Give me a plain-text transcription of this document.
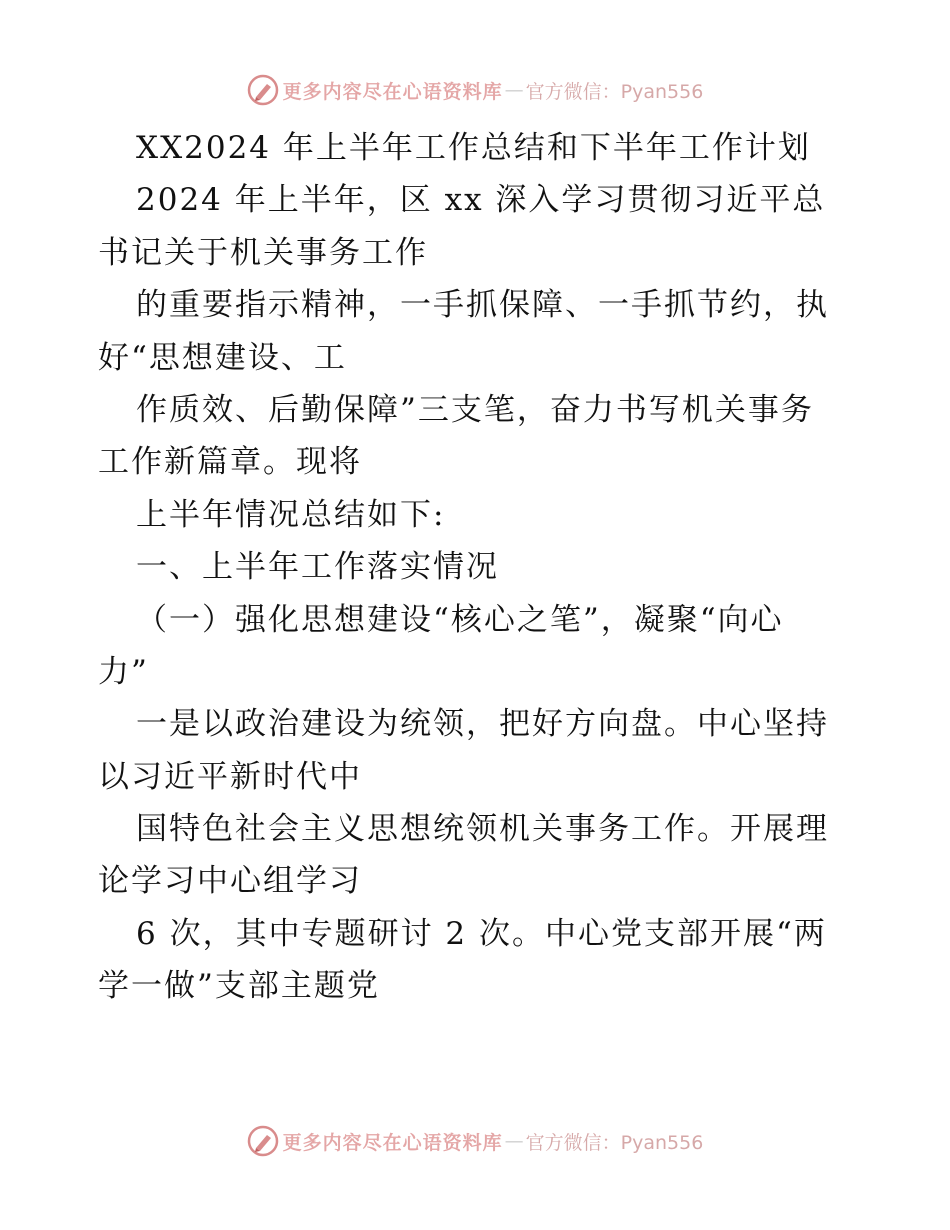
更多内容尽在心语资料库 — 官方微信：Pyan556
XX2024 年上半年工作总结和下半年工作计划
2024 年上半年，区 xx 深入学习贯彻习近平总
书记关于机关事务工作
的重要指示精神，一手抓保障、一手抓节约，执
好“思想建设、工
作质效、后勤保障”三支笔，奋力书写机关事务
工作新篇章。现将
上半年情况总结如下:
一、上半年工作落实情况
（一）强化思想建设“核心之笔”，凝聚“向心
力”
一是以政治建设为统领，把好方向盘。中心坚持
以习近平新时代中
国特色社会主义思想统领机关事务工作。开展理
论学习中心组学习
6 次，其中专题研讨 2 次。中心党支部开展“两
学一做”支部主题党
更多内容尽在心语资料库 — 官方微信：Pyan556
